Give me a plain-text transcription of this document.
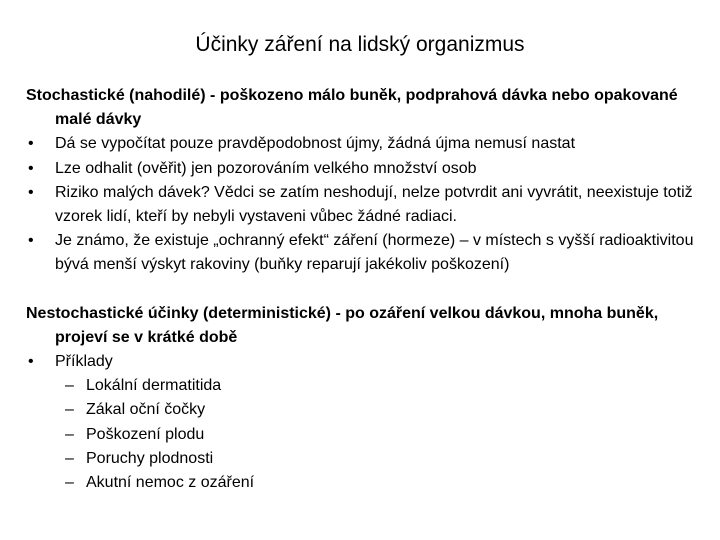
Účinky záření na lidský organizmus
Stochastické (nahodilé) - poškozeno málo buněk, podprahová dávka nebo opakované malé dávky
• Dá se vypočítat pouze pravděpodobnost újmy, žádná újma nemusí nastat
• Lze odhalit (ověřit) jen pozorováním velkého množství osob
• Riziko malých dávek? Vědci se zatím neshodují, nelze potvrdit ani vyvrátit, neexistuje totiž vzorek lidí, kteří by nebyli vystaveni vůbec žádné radiaci.
• Je známo, že existuje „ochranný efekt“ záření (hormeze) – v místech s vyšší radioaktivitou bývá menší výskyt rakoviny (buňky reparují jakékoliv poškození)
Nestochastické účinky (deterministické) - po ozáření velkou dávkou, mnoha buněk, projeví se v krátké době
• Příklady
– Lokální dermatitida
– Zákal oční čočky
– Poškození plodu
– Poruchy plodnosti
– Akutní nemoc z ozáření
